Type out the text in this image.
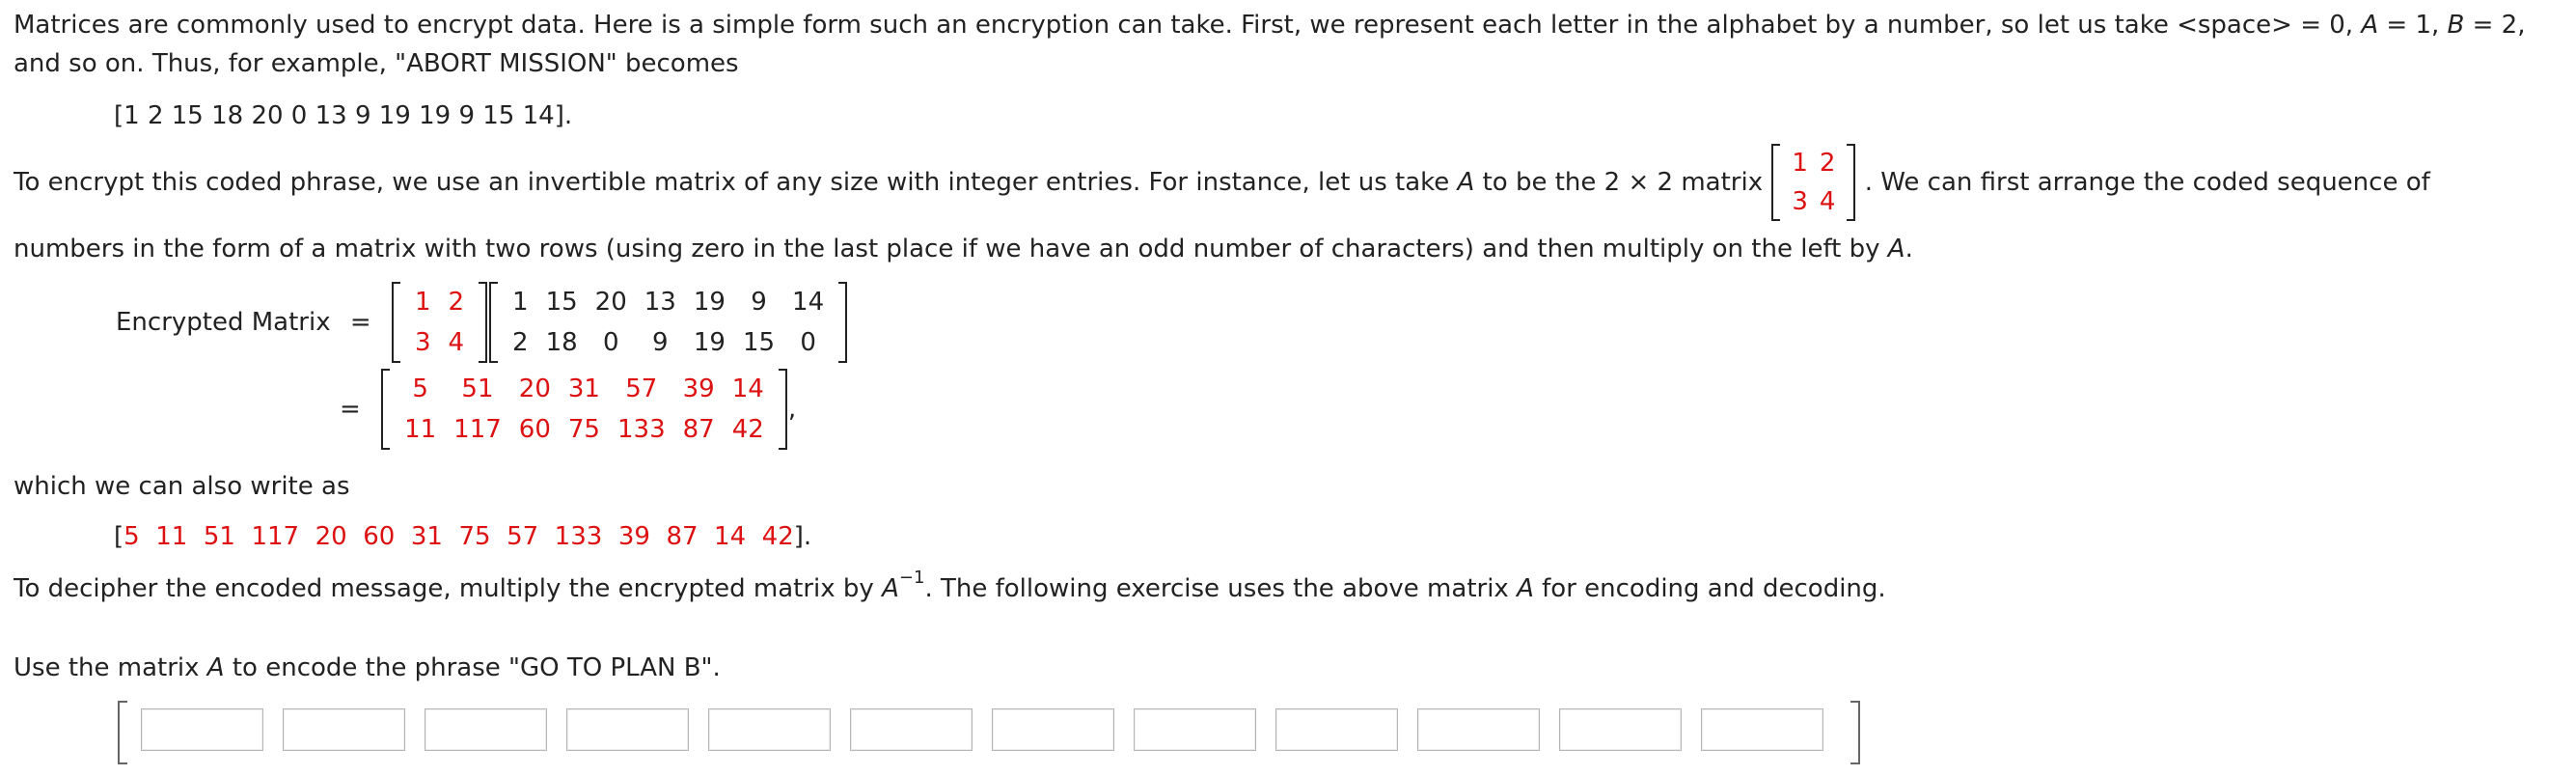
Matrices are commonly used to encrypt data. Here is a simple form such an encryption can take. First, we represent each letter in the alphabet by a number, so let us take <space> = 0, A = 1, B = 2,
and so on. Thus, for example, "ABORT MISSION" becomes
[1 2 15 18 20 0 13 9 19 19 9 15 14].
To encrypt this coded phrase, we use an invertible matrix of any size with integer entries. For instance, let us take A to be the 2 × 2 matrix
1	2
3	4
. We can first arrange the coded sequence of
numbers in the form of a matrix with two rows (using zero in the last place if we have an odd number of characters) and then multiply on the left by A.
Encrypted Matrix =
1	2
3	4
1	15	20	13	19	9	14
2	18	0	9	19	15	0
=
5	51	20	31	57	39	14
11	117	60	75	133	87	42
,
which we can also write as
[5  11  51  117  20  60  31  75  57  133  39  87  14  42].
To decipher the encoded message, multiply the encrypted matrix by $A^{-1}$. The following exercise uses the above matrix A for encoding and decoding.
Use the matrix A to encode the phrase "GO TO PLAN B".
